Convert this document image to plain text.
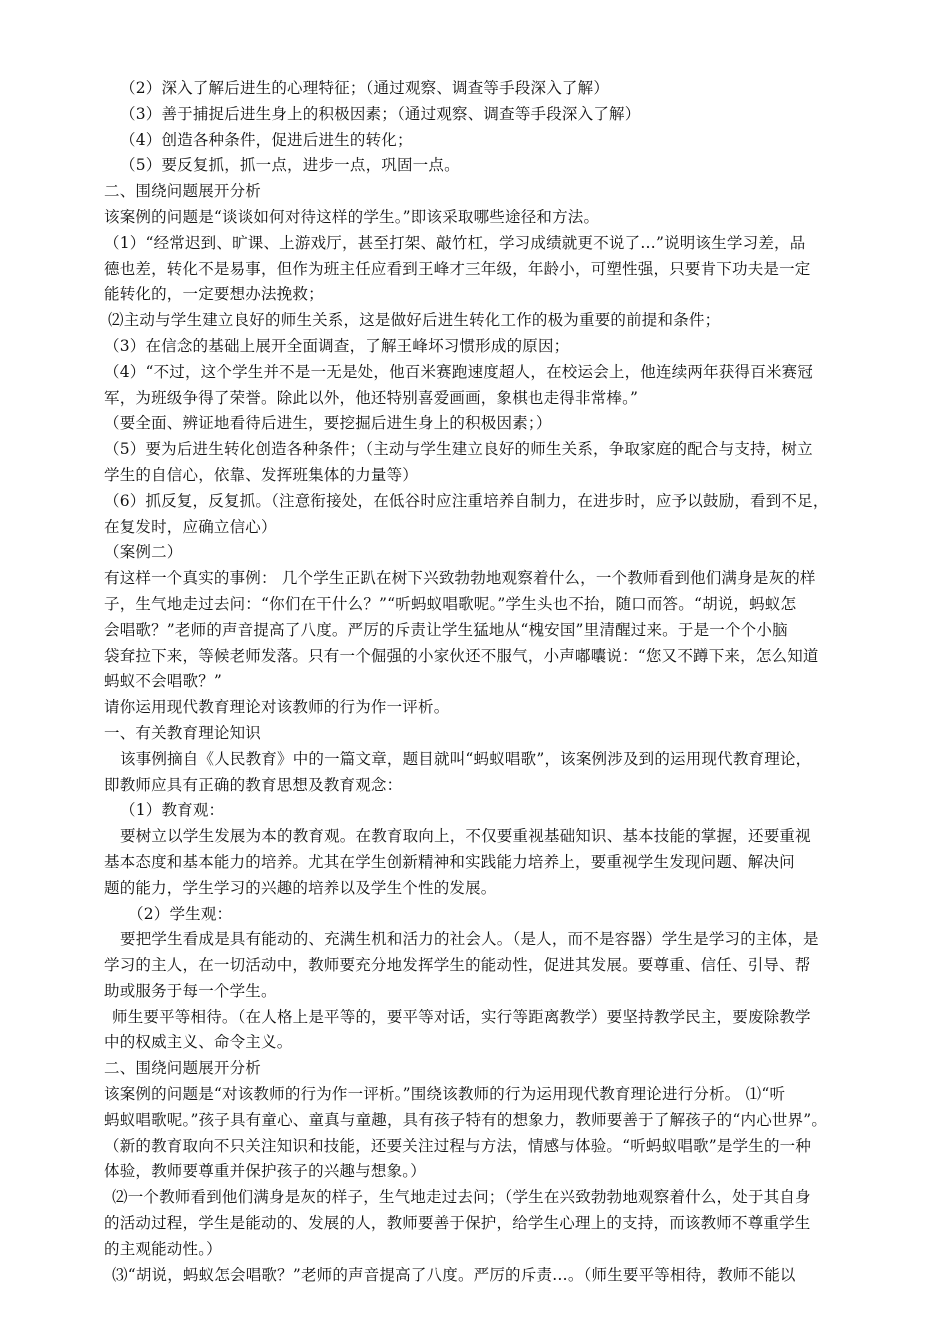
（2）深入了解后进生的心理特征；（通过观察、调查等手段深入了解）
（3）善于捕捉后进生身上的积极因素；（通过观察、调查等手段深入了解）
（4）创造各种条件，促进后进生的转化；
（5）要反复抓，抓一点，进步一点，巩固一点。
二、围绕问题展开分析
该案例的问题是“谈谈如何对待这样的学生。”即该采取哪些途径和方法。
（1）“经常迟到、旷课、上游戏厅，甚至打架、敲竹杠，学习成绩就更不说了…”说明该生学习差，品
德也差，转化不是易事，但作为班主任应看到王峰才三年级，年龄小，可塑性强，只要肯下功夫是一定
能转化的，一定要想办法挽救；
⑵主动与学生建立良好的师生关系，这是做好后进生转化工作的极为重要的前提和条件；
（3）在信念的基础上展开全面调查，了解王峰坏习惯形成的原因；
（4）“不过，这个学生并不是一无是处，他百米赛跑速度超人，在校运会上，他连续两年获得百米赛冠
军，为班级争得了荣誉。除此以外，他还特别喜爱画画，象棋也走得非常棒。”
（要全面、辨证地看待后进生，要挖掘后进生身上的积极因素；）
（5）要为后进生转化创造各种条件；（主动与学生建立良好的师生关系，争取家庭的配合与支持，树立
学生的自信心，依靠、发挥班集体的力量等）
（6）抓反复，反复抓。（注意衔接处，在低谷时应注重培养自制力，在进步时，应予以鼓励，看到不足，
在复发时，应确立信心）
（案例二）
有这样一个真实的事例： 几个学生正趴在树下兴致勃勃地观察着什么，一个教师看到他们满身是灰的样
子，生气地走过去问：“你们在干什么？”“听蚂蚁唱歌呢。”学生头也不抬，随口而答。“胡说，蚂蚁怎
会唱歌？”老师的声音提高了八度。严厉的斥责让学生猛地从“槐安国”里清醒过来。于是一个个小脑
袋耷拉下来，等候老师发落。只有一个倔强的小家伙还不服气，小声嘟囔说：“您又不蹲下来，怎么知道
蚂蚁不会唱歌？”
请你运用现代教育理论对该教师的行为作一评析。
一、有关教育理论知识
该事例摘自《人民教育》中的一篇文章，题目就叫“蚂蚁唱歌”，该案例涉及到的运用现代教育理论，
即教师应具有正确的教育思想及教育观念：
（1）教育观：
要树立以学生发展为本的教育观。在教育取向上，不仅要重视基础知识、基本技能的掌握，还要重视
基本态度和基本能力的培养。尤其在学生创新精神和实践能力培养上，要重视学生发现问题、解决问
题的能力，学生学习的兴趣的培养以及学生个性的发展。
（2）学生观：
要把学生看成是具有能动的、充满生机和活力的社会人。（是人，而不是容器）学生是学习的主体，是
学习的主人，在一切活动中，教师要充分地发挥学生的能动性，促进其发展。要尊重、信任、引导、帮
助或服务于每一个学生。
师生要平等相待。（在人格上是平等的，要平等对话，实行等距离教学）要坚持教学民主，要废除教学
中的权威主义、命令主义。
二、围绕问题展开分析
该案例的问题是“对该教师的行为作一评析。”围绕该教师的行为运用现代教育理论进行分析。 ⑴“听
蚂蚁唱歌呢。”孩子具有童心、童真与童趣，具有孩子特有的想象力，教师要善于了解孩子的“内心世界”。
（新的教育取向不只关注知识和技能，还要关注过程与方法，情感与体验。“听蚂蚁唱歌”是学生的一种
体验，教师要尊重并保护孩子的兴趣与想象。）
⑵一个教师看到他们满身是灰的样子，生气地走过去问；（学生在兴致勃勃地观察着什么，处于其自身
的活动过程，学生是能动的、发展的人，教师要善于保护，给学生心理上的支持，而该教师不尊重学生
的主观能动性。）
⑶“胡说，蚂蚁怎会唱歌？”老师的声音提高了八度。严厉的斥责…。（师生要平等相待，教师不能以
